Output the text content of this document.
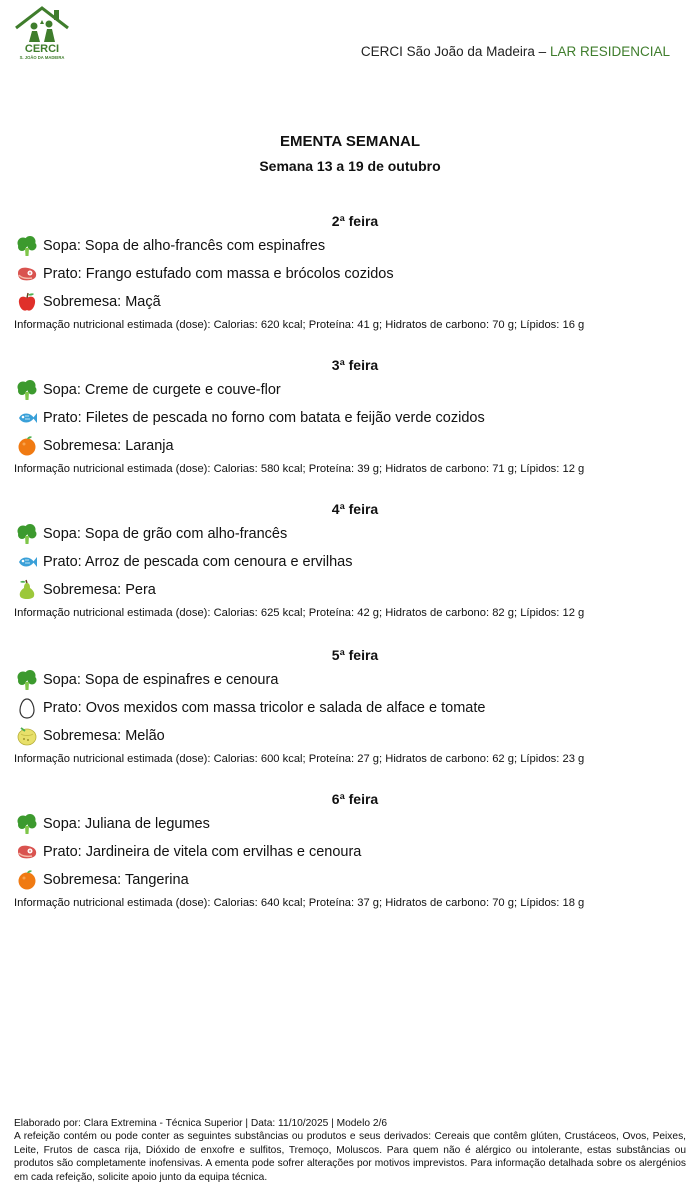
CERCI
S. JOÃO DA MADEIRA	CERCI São João da Madeira – LAR RESIDENCIAL
EMENTA SEMANAL
Semana 13 a 19 de outubro
2ª feira
Sopa: Sopa de alho-francês com espinafres
Prato: Frango estufado com massa e brócolos cozidos
Sobremesa: Maçã
Informação nutricional estimada (dose): Calorias: 620 kcal; Proteína: 41 g; Hidratos de carbono: 70 g; Lípidos: 16 g
3ª feira
Sopa: Creme de curgete e couve-flor
Prato: Filetes de pescada no forno com batata e feijão verde cozidos
Sobremesa: Laranja
Informação nutricional estimada (dose): Calorias: 580 kcal; Proteína: 39 g; Hidratos de carbono: 71 g; Lípidos: 12 g
4ª feira
Sopa: Sopa de grão com alho-francês
Prato: Arroz de pescada com cenoura e ervilhas
Sobremesa: Pera
Informação nutricional estimada (dose): Calorias: 625 kcal; Proteína: 42 g; Hidratos de carbono: 82 g; Lípidos: 12 g
5ª feira
Sopa: Sopa de espinafres e cenoura
Prato: Ovos mexidos com massa tricolor e salada de alface e tomate
Sobremesa: Melão
Informação nutricional estimada (dose): Calorias: 600 kcal; Proteína: 27 g; Hidratos de carbono: 62 g; Lípidos: 23 g
6ª feira
Sopa: Juliana de legumes
Prato: Jardineira de vitela com ervilhas e cenoura
Sobremesa: Tangerina
Informação nutricional estimada (dose): Calorias: 640 kcal; Proteína: 37 g; Hidratos de carbono: 70 g; Lípidos: 18 g
Elaborado por: Clara Extremina - Técnica Superior | Data: 11/10/2025 | Modelo 2/6
A refeição contém ou pode conter as seguintes substâncias ou produtos e seus derivados: Cereais que contêm glúten, Crustáceos, Ovos, Peixes, Leite, Frutos de casca rija, Dióxido de enxofre e sulfitos, Tremoço, Moluscos. Para quem não é alérgico ou intolerante, estas substâncias ou produtos são completamente inofensivas. A ementa pode sofrer alterações por motivos imprevistos. Para informação detalhada sobre os alergénios em cada refeição, solicite apoio junto da equipa técnica.
